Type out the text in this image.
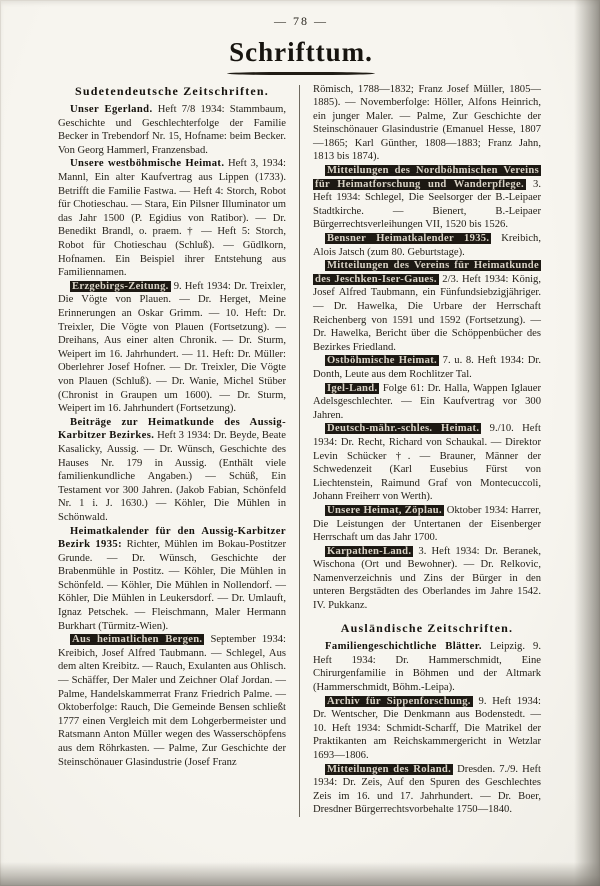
— 78 —
Schrifttum.
Sudetendeutsche Zeitschriften.

Unser Egerland. Heft 7/8 1934: Stammbaum, Geschichte und Geschlechterfolge der Familie Becker in Trebendorf Nr. 15, Hofname: beim Becker. Von Georg Hammerl, Franzensbad.

Unsere westböhmische Heimat. Heft 3, 1934: Mannl, Ein alter Kaufvertrag aus Lippen (1733). Betrifft die Familie Fastwa. — Heft 4: Storch, Robot für Chotieschau. — Stara, Ein Pilsner Illuminator um das Jahr 1500 (P. Egidius von Ratibor). — Dr. Benedikt Brandl, o. praem. † — Heft 5: Storch, Robot für Chotieschau (Schluß). — Güdlkorn, Hofnamen. Ein Beispiel ihrer Entstehung aus Familiennamen.

Erzgebirgs-Zeitung. 9. Heft 1934: Dr. Treixler, Die Vögte von Plauen. — Dr. Herget, Meine Erinnerungen an Oskar Grimm. — 10. Heft: Dr. Treixler, Die Vögte von Plauen (Fortsetzung). — Dreihans, Aus einer alten Chronik. — Dr. Sturm, Weipert im 16. Jahrhundert. — 11. Heft: Dr. Müller: Oberlehrer Josef Hofner. — Dr. Treixler, Die Vögte von Plauen (Schluß). — Dr. Wanie, Michel Stüber (Chronist in Graupen um 1600). — Dr. Sturm, Weipert im 16. Jahrhundert (Fortsetzung).

Beiträge zur Heimatkunde des Aussig-Karbitzer Bezirkes. Heft 3 1934: Dr. Beyde, Beate Kasalicky, Aussig. — Dr. Wünsch, Geschichte des Hauses Nr. 179 in Aussig. (Enthält viele familienkundliche Angaben.) — Schüß, Ein Testament vor 300 Jahren. (Jakob Fabian, Schönfeld Nr. 1 i. J. 1630.) — Köhler, Die Mühlen in Schönwald.

Heimatkalender für den Aussig-Karbitzer Bezirk 1935: Richter, Mühlen im Bokau-Postitzer Grunde. — Dr. Wünsch, Geschichte der Brabenmühle in Postitz. — Köhler, Die Mühlen in Schönfeld. — Köhler, Die Mühlen in Nollendorf. — Köhler, Die Mühlen in Leukersdorf. — Dr. Umlauft, Ignaz Petschek. — Fleischmann, Maler Hermann Burkhart (Türmitz-Wien).

Aus heimatlichen Bergen. September 1934: Kreibich, Josef Alfred Taubmann. — Schlegel, Aus dem alten Kreibitz. — Rauch, Exulanten aus Ohlisch. — Schäffer, Der Maler und Zeichner Olaf Jordan. — Palme, Handelskammerrat Franz Friedrich Palme. — Oktoberfolge: Rauch, Die Gemeinde Bensen schließt 1777 einen Vergleich mit dem Lohgerbermeister und Ratsmann Anton Müller wegen des Wasserschöpfens aus dem Röhrkasten. — Palme, Zur Geschichte der Steinschönauer Glasindustrie (Josef Franz

Römisch, 1788—1832; Franz Josef Müller, 1805—1885). — Novemberfolge: Höller, Alfons Heinrich, ein junger Maler. — Palme, Zur Geschichte der Steinschönauer Glasindustrie (Emanuel Hesse, 1807—1865; Karl Günther, 1808—1883; Franz Jahn, 1813 bis 1874).

Mitteilungen des Nordböhmischen Vereins für Heimatforschung und Wanderpflege. 3. Heft 1934: Schlegel, Die Seelsorger der B.-Leipaer Stadtkirche. — Bienert, B.-Leipaer Bürgerrechtsverleihungen VII, 1520 bis 1526.

Bensner Heimatkalender 1935. Kreibich, Alois Jatsch (zum 80. Geburtstage).

Mitteilungen des Vereins für Heimatkunde des Jeschken-Iser-Gaues. 2/3. Heft 1934: König, Josef Alfred Taubmann, ein Fünfundsiebzigjähriger. — Dr. Hawelka, Die Urbare der Herrschaft Reichenberg von 1591 und 1592 (Fortsetzung). — Dr. Hawelka, Bericht über die Schöppenbücher des Bezirkes Friedland.

Ostböhmische Heimat. 7. u. 8. Heft 1934: Dr. Donth, Leute aus dem Rochlitzer Tal.

Igel-Land. Folge 61: Dr. Halla, Wappen Iglauer Adelsgeschlechter. — Ein Kaufvertrag vor 300 Jahren.

Deutsch-mähr.-schles. Heimat. 9./10. Heft 1934: Dr. Recht, Richard von Schaukal. — Direktor Levin Schücker †. — Brauner, Männer der Schwedenzeit (Karl Eusebius Fürst von Liechtenstein, Raimund Graf von Montecuccoli, Johann Freiherr von Werth).

Unsere Heimat, Zöplau. Oktober 1934: Harrer, Die Leistungen der Untertanen der Eisenberger Herrschaft um das Jahr 1700.

Karpathen-Land. 3. Heft 1934: Dr. Beranek, Wischona (Ort und Bewohner). — Dr. Relkovic, Namenverzeichnis und Zins der Bürger in den unteren Bergstädten des Oberlandes im Jahre 1542. IV. Pukkanz.

Ausländische Zeitschriften.

Familiengeschichtliche Blätter. Leipzig. 9. Heft 1934: Dr. Hammerschmidt, Eine Chirurgenfamilie in Böhmen und der Altmark (Hammerschmidt, Böhm.-Leipa).

Archiv für Sippenforschung. 9. Heft 1934: Dr. Wentscher, Die Denkmann aus Bodenstedt. — 10. Heft 1934: Schmidt-Scharff, Die Matrikel der Praktikanten am Reichskammergericht in Wetzlar 1693—1806.

Mitteilungen des Roland. Dresden. 7./9. Heft 1934: Dr. Zeis, Auf den Spuren des Geschlechtes Zeis im 16. und 17. Jahrhundert. — Dr. Boer, Dresdner Bürgerrechtsvorbehalte 1750—1840.
